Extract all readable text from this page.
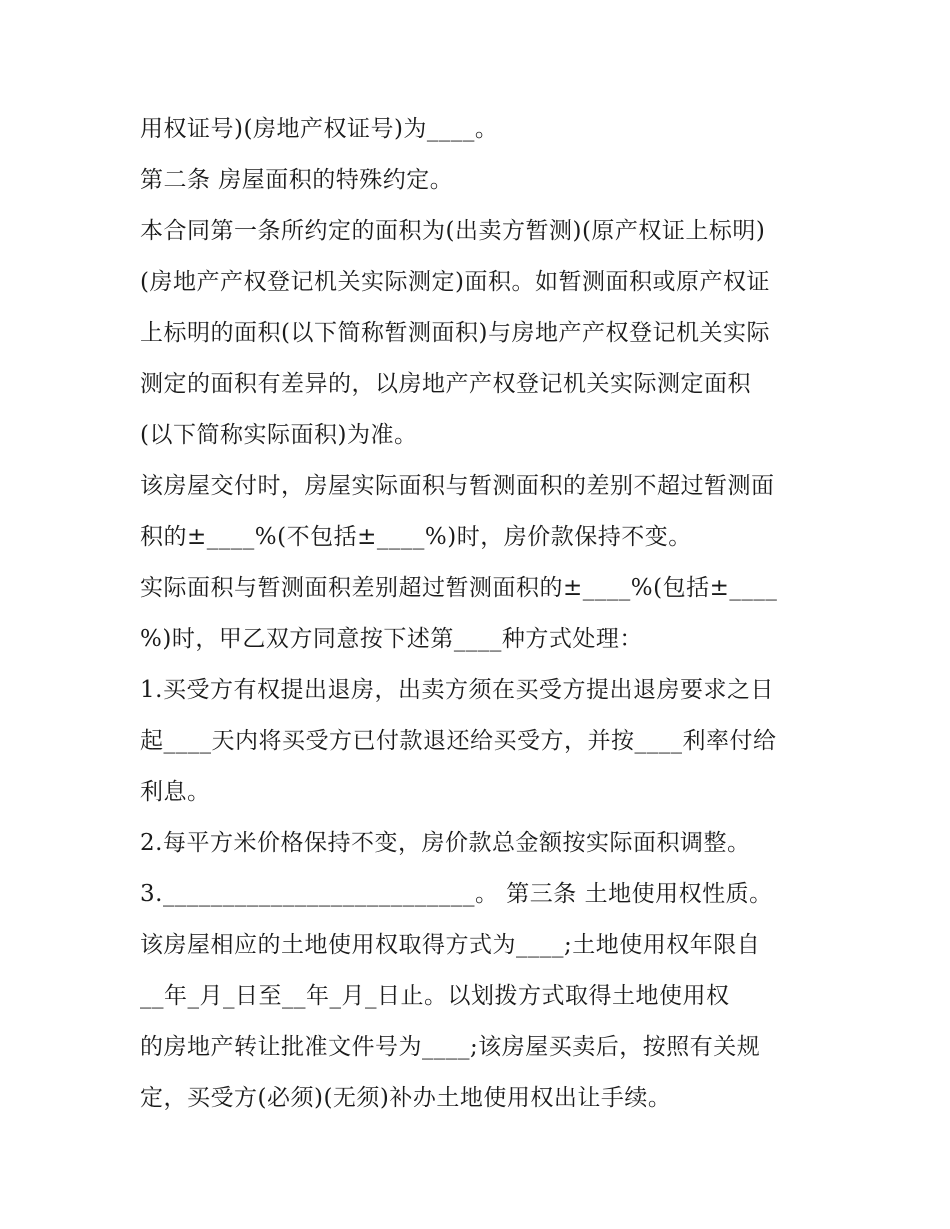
用权证号)(房地产权证号)为____。
第二条 房屋面积的特殊约定。
本合同第一条所约定的面积为(出卖方暂测)(原产权证上标明)
(房地产产权登记机关实际测定)面积。如暂测面积或原产权证
上标明的面积(以下简称暂测面积)与房地产产权登记机关实际
测定的面积有差异的，以房地产产权登记机关实际测定面积
(以下简称实际面积)为准。
该房屋交付时，房屋实际面积与暂测面积的差别不超过暂测面
积的±____%(不包括±____%)时，房价款保持不变。
实际面积与暂测面积差别超过暂测面积的±____%(包括±____
%)时，甲乙双方同意按下述第____种方式处理：
1.买受方有权提出退房，出卖方须在买受方提出退房要求之日
起____天内将买受方已付款退还给买受方，并按____利率付给
利息。
2.每平方米价格保持不变，房价款总金额按实际面积调整。
3.__________________________。 第三条 土地使用权性质。
该房屋相应的土地使用权取得方式为____;土地使用权年限自
__年_月_日至__年_月_日止。以划拨方式取得土地使用权
的房地产转让批准文件号为____;该房屋买卖后，按照有关规
定，买受方(必须)(无须)补办土地使用权出让手续。
